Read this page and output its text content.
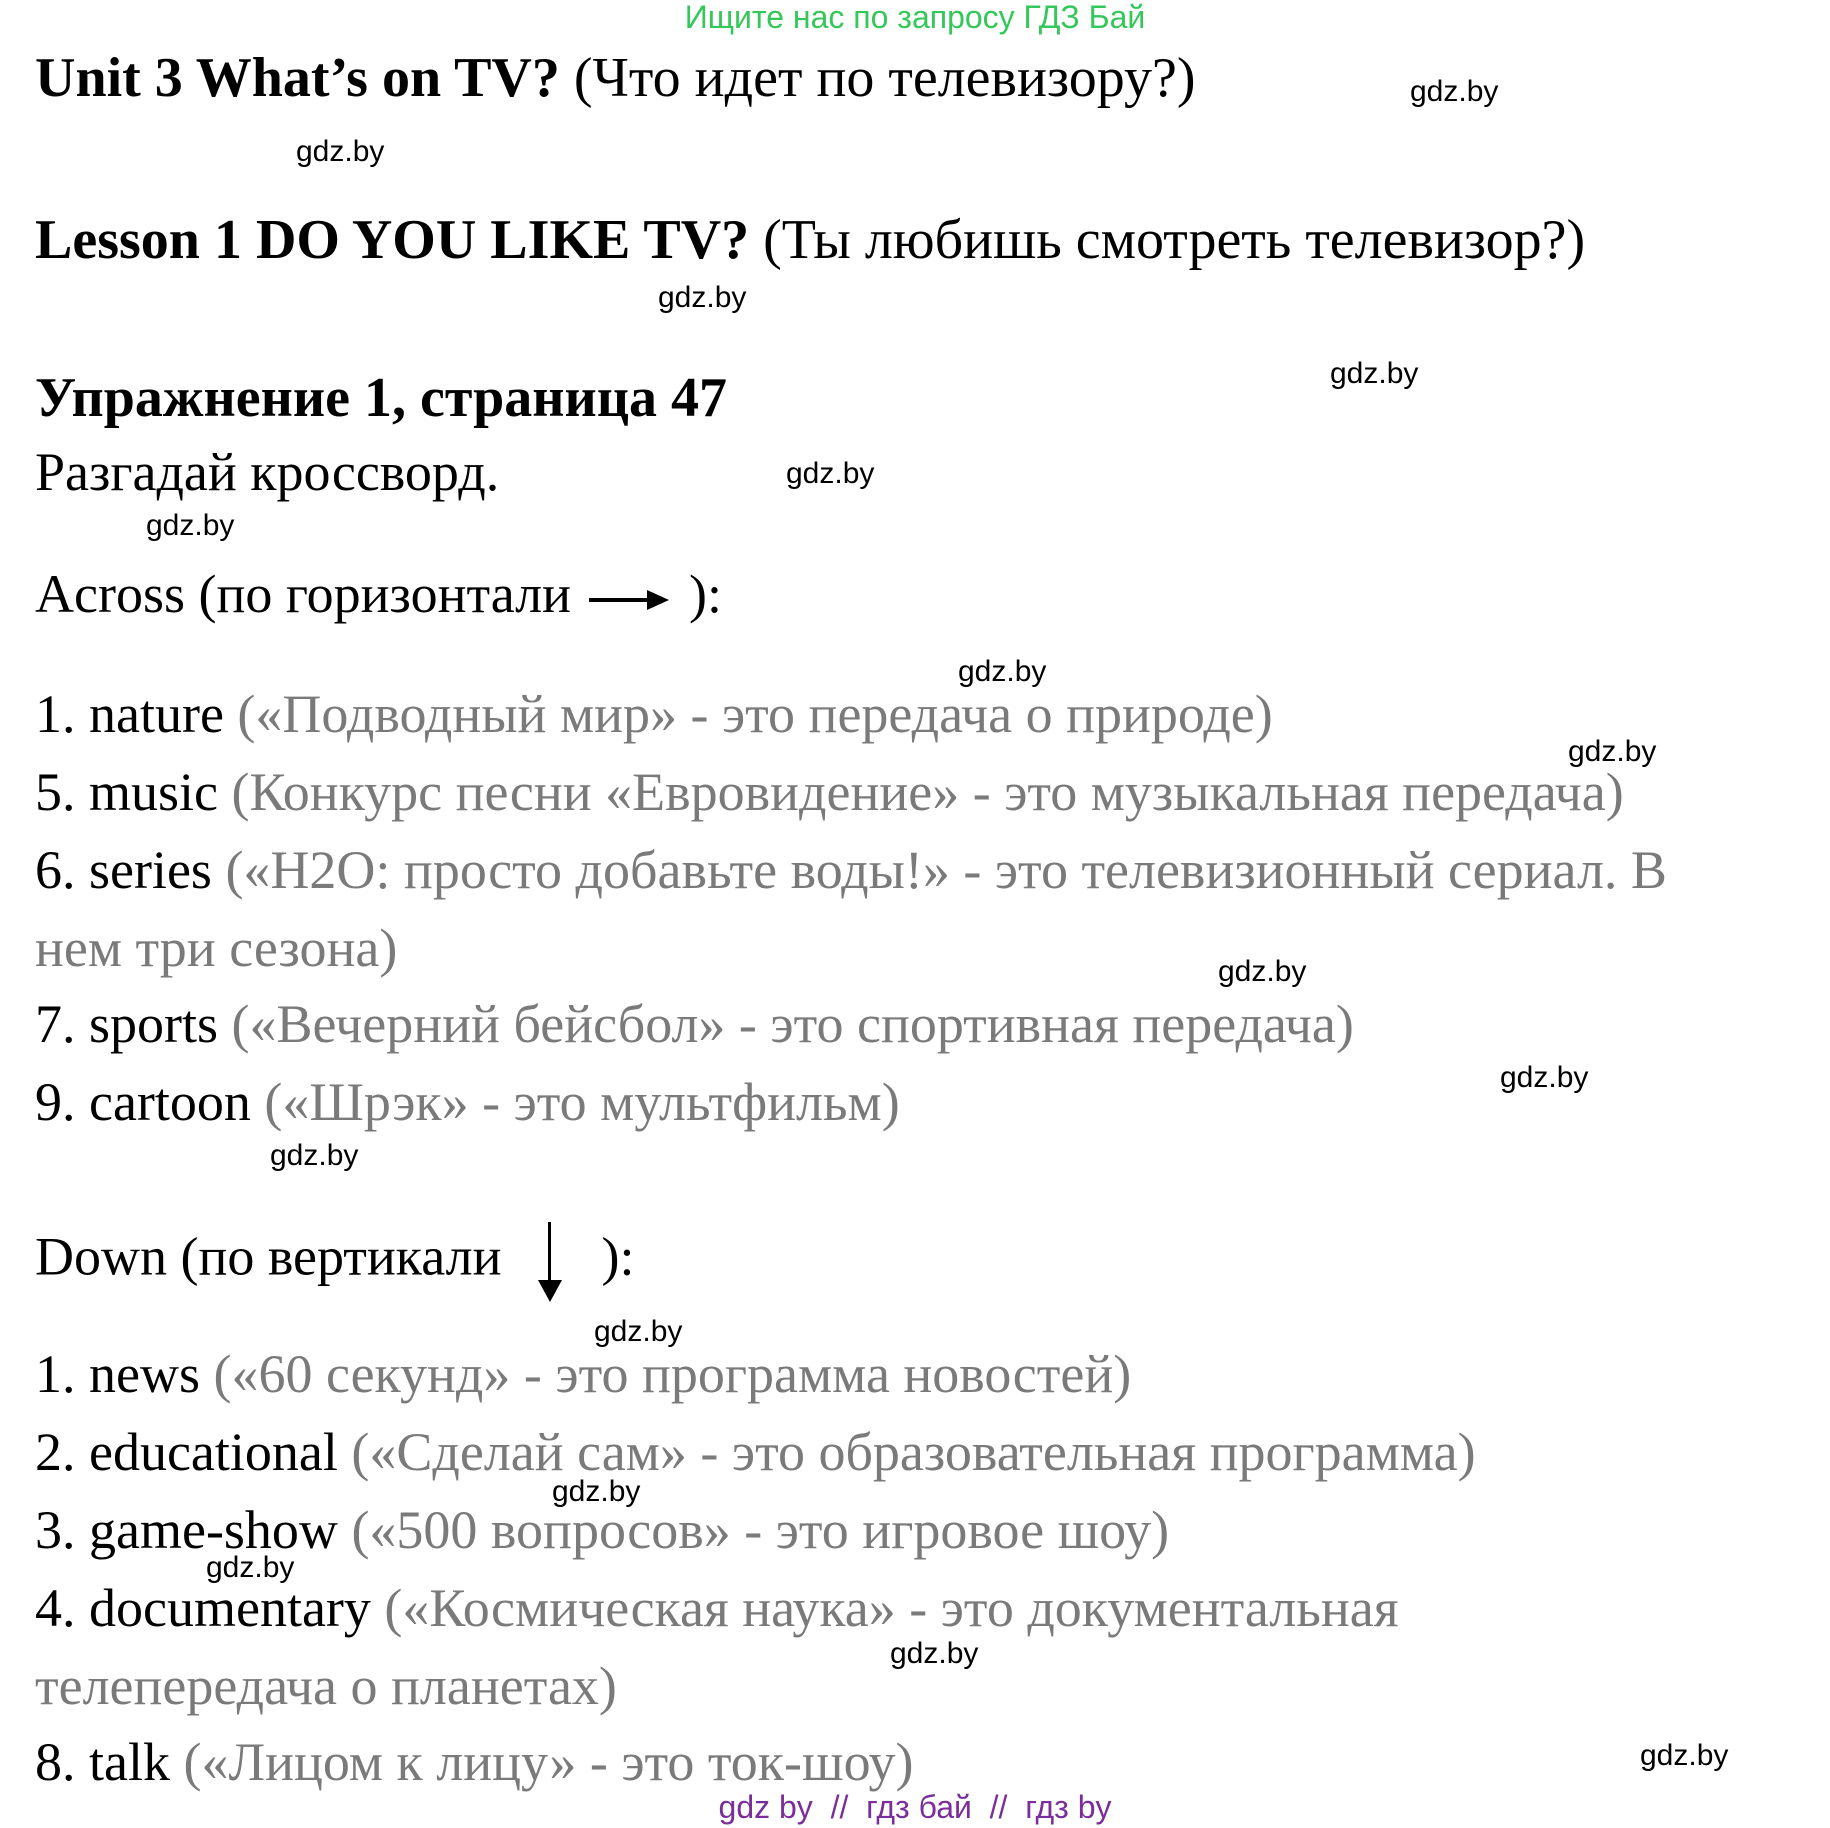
Ищите нас по запросу ГДЗ Бай
Unit 3 What’s on TV? (Что идет по телевизору?)
Lesson 1 DO YOU LIKE TV? (Ты любишь смотреть телевизор?)
Упражнение 1, страница 47
Разгадай кроссворд.
Across (по горизонтали ):
1. nature («Подводный мир» - это передача о природе)
5. music (Конкурс песни «Евровидение» - это музыкальная передача)
6. series («H2O: просто добавьте воды!» - это телевизионный сериал. В
нем три сезона)
7. sports («Вечерний бейсбол» - это спортивная передача)
9. cartoon («Шрэк» - это мультфильм)
Down (по вертикали ):
1. news («60 секунд» - это программа новостей)
2. educational («Сделай сам» - это образовательная программа)
3. game-show («500 вопросов» - это игровое шоу)
4. documentary («Космическая наука» - это документальная
телепередача о планетах)
8. talk («Лицом к лицу» - это ток-шоу)
gdz.by
gdz.by
gdz.by
gdz.by
gdz.by
gdz.by
gdz.by
gdz.by
gdz.by
gdz.by
gdz.by
gdz.by
gdz.by
gdz.by
gdz.by
gdz.by
gdz by  //  гдз бай  //  гдз by
